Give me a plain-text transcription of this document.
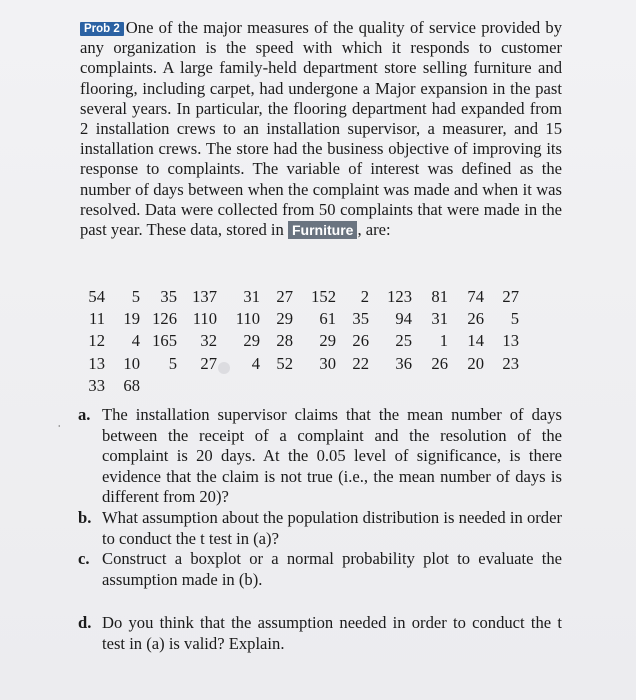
Prob 2 One of the major measures of the quality of service provided by any organization is the speed with which it responds to customer complaints. A large family-held department store selling furniture and flooring, including carpet, had undergone a Major expansion in the past several years. In particular, the flooring department had expanded from 2 installation crews to an installation supervisor, a measurer, and 15 installation crews. The store had the business objective of improving its response to complaints. The variable of interest was defined as the number of days between when the complaint was made and when it was resolved. Data were collected from 50 complaints that were made in the past year. These data, stored in Furniture , are:
54	5	35	137	31	27	152	2	123	81	74	27
11	19	126	110	110	29	61	35	94	31	26	5
12	4	165	32	29	28	29	26	25	1	14	13
13	10	5	27	4	52	30	22	36	26	20	23
33	68										
ˌ a. The installation supervisor claims that the mean number of days between the receipt of a complaint and the resolution of the complaint is 20 days. At the 0.05 level of significance, is there evidence that the claim is not true (i.e., the mean number of days is different from 20)?
b. What assumption about the population distribution is needed in order to conduct the t test in (a)?
c. Construct a boxplot or a normal probability plot to evaluate the assumption made in (b).
d. Do you think that the assumption needed in order to conduct the t test in (a) is valid? Explain.
